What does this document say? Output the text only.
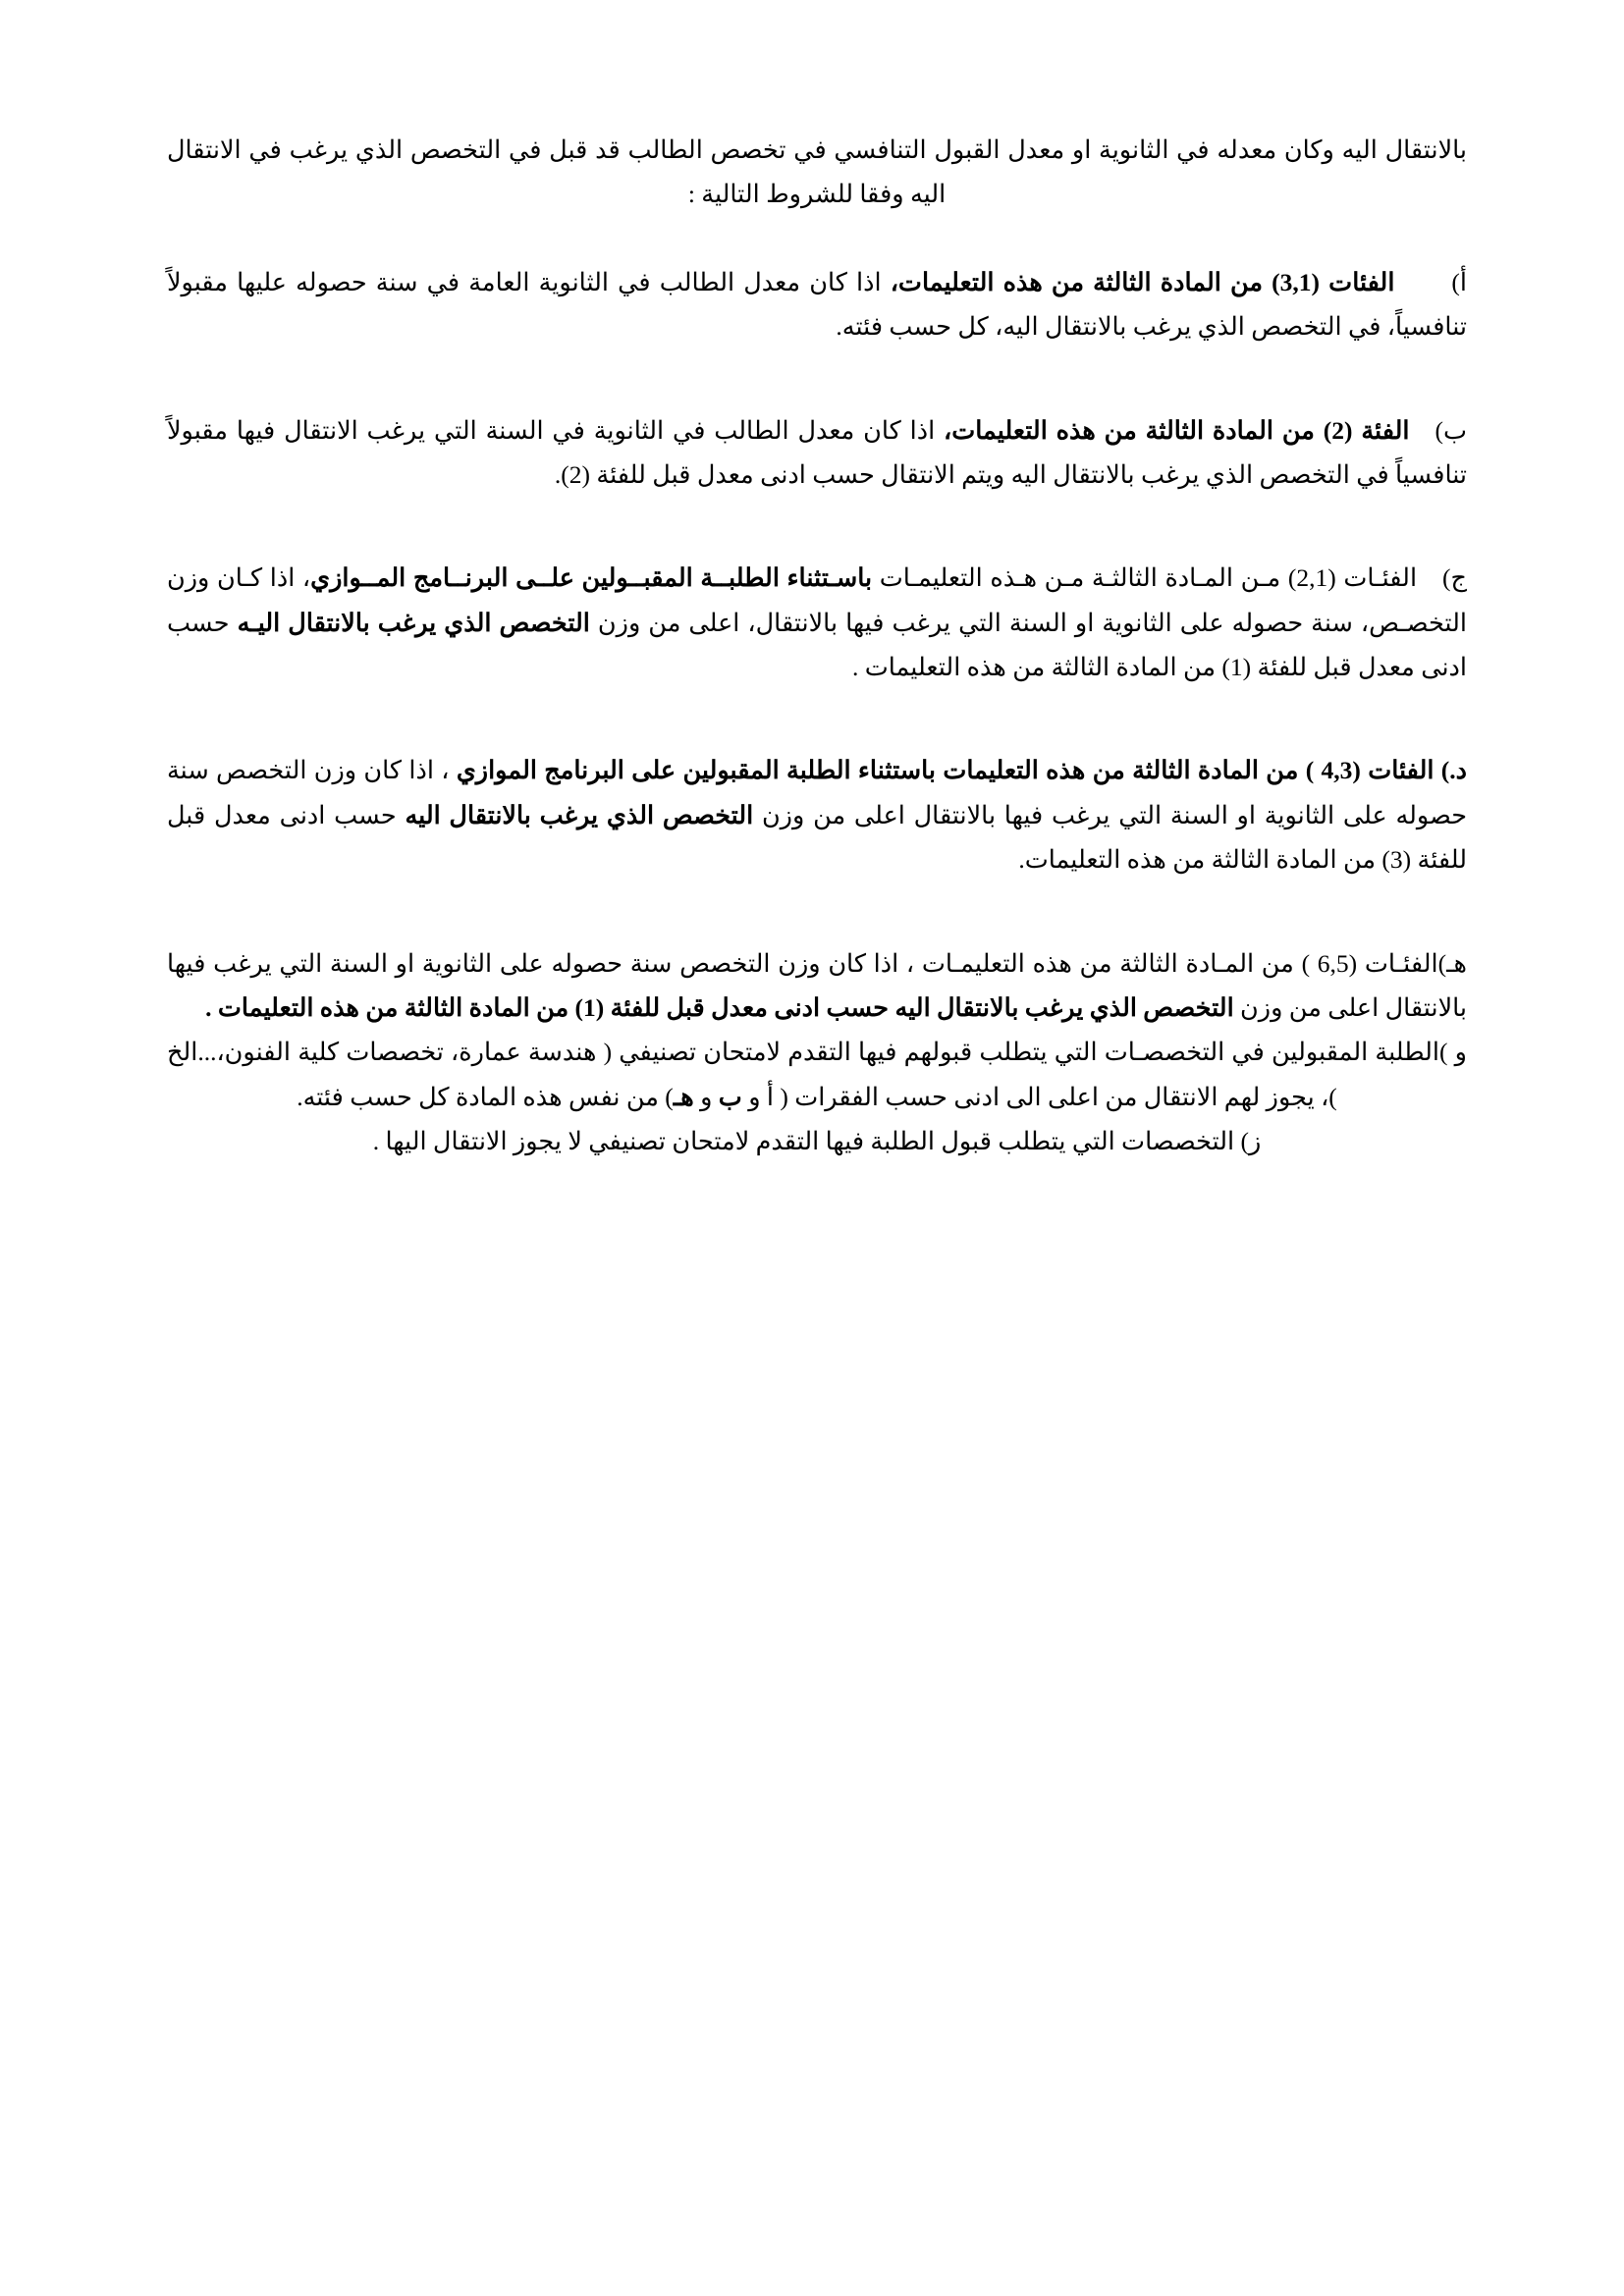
بالانتقال اليه وكان معدله في الثانوية او معدل القبول التنافسي في تخصص الطالب قد قبل في التخصص الذي يرغب في الانتقال اليه وفقا للشروط التالية :

أ)الفئات (3,1) من المادة الثالثة من هذه التعليمات، اذا كان معدل الطالب في الثانوية العامة في سنة حصوله عليها مقبولاً تنافسياً، في التخصص الذي يرغب بالانتقال اليه، كل حسب فئته.

ب)الفئة (2) من المادة الثالثة من هذه التعليمات، اذا كان معدل الطالب في الثانوية في السنة التي يرغب الانتقال فيها مقبولاً تنافسياً في التخصص الذي يرغب بالانتقال اليه ويتم الانتقال حسب ادنى معدل قبل للفئة (2).

ج)الفئـات (2,1) مـن المـادة الثالثـة مـن هـذه التعليمـات باسـتثناء الطلبــة المقبــولين علــى البرنــامج المــوازي، اذا كـان وزن التخصـص، سنة حصوله على الثانوية او السنة التي يرغب فيها بالانتقال، اعلى من وزن التخصص الذي يرغب بالانتقال اليـه حسب ادنى معدل قبل للفئة (1) من المادة الثالثة من هذه التعليمات .

د.) الفئات (4,3 ) من المادة الثالثة من هذه التعليمات باستثناء الطلبة المقبولين على البرنامج الموازي ، اذا كان وزن التخصص سنة حصوله على الثانوية او السنة التي يرغب فيها بالانتقال اعلى من وزن التخصص الذي يرغب بالانتقال اليه حسب ادنى معدل قبل للفئة (3) من المادة الثالثة من هذه التعليمات.

هـ)الفئـات (6,5 ) من المـادة الثالثة من هذه التعليمـات ، اذا كان وزن التخصص سنة حصوله على الثانوية او السنة التي يرغب فيها بالانتقال اعلى من وزن التخصص الذي يرغب بالانتقال اليه حسب ادنى معدل قبل للفئة (1) من المادة الثالثة من هذه التعليمات .

و )الطلبة المقبولين في التخصصـات التي يتطلب قبولهم فيها التقدم لامتحان تصنيفي ( هندسة عمارة، تخصصات كلية الفنون،...الخ )، يجوز لهم الانتقال من اعلى الى ادنى حسب الفقرات ( أ و ب و هـ) من نفس هذه المادة كل حسب فئته.

ز) التخصصات التي يتطلب قبول الطلبة فيها التقدم لامتحان تصنيفي لا يجوز الانتقال اليها .
